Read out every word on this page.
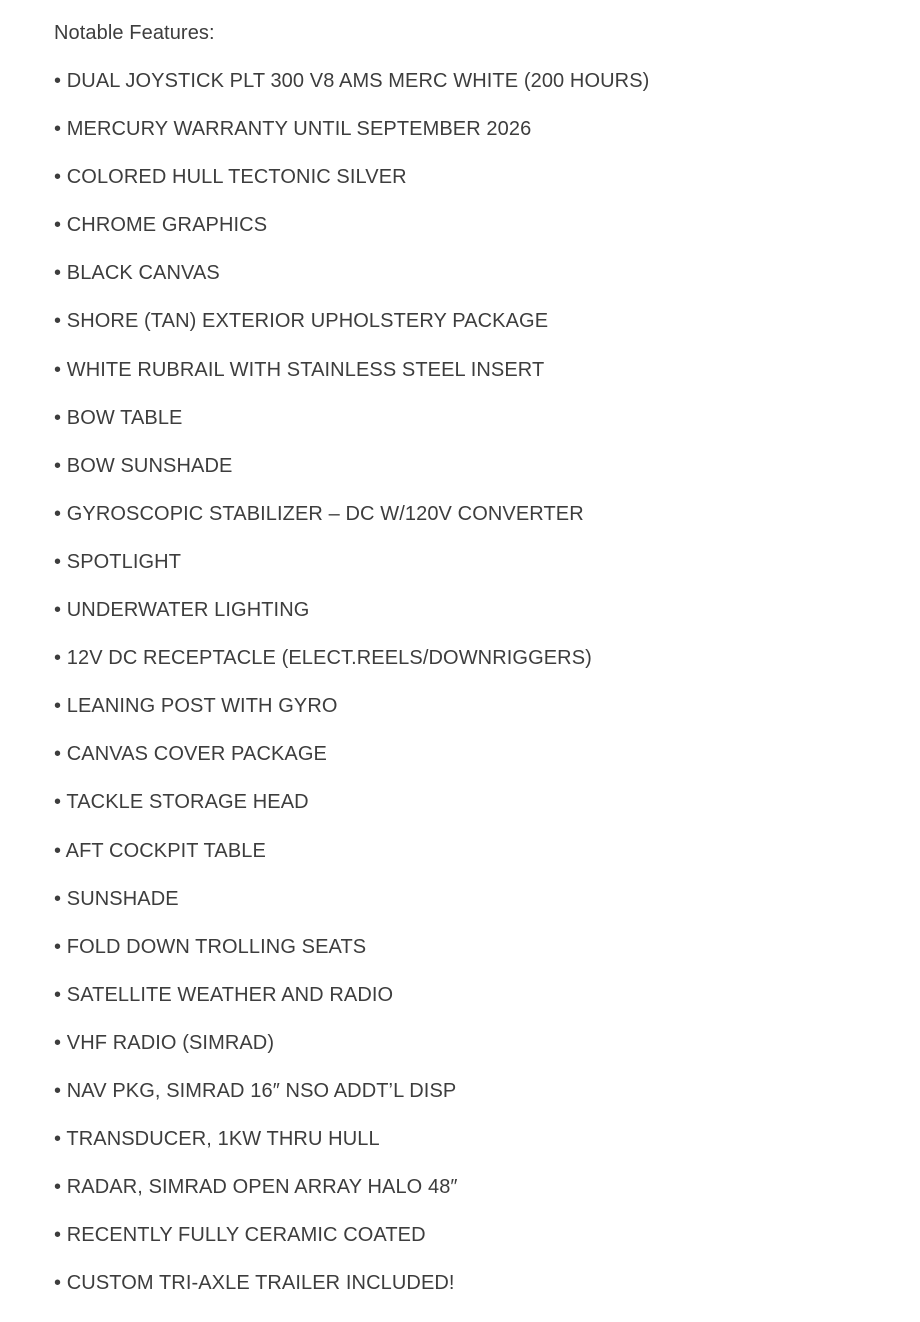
Notable Features:

• DUAL JOYSTICK PLT 300 V8 AMS MERC WHITE (200 HOURS)
• MERCURY WARRANTY UNTIL SEPTEMBER 2026
• COLORED HULL TECTONIC SILVER
• CHROME GRAPHICS
• BLACK CANVAS
• SHORE (TAN) EXTERIOR UPHOLSTERY PACKAGE
• WHITE RUBRAIL WITH STAINLESS STEEL INSERT
• BOW TABLE
• BOW SUNSHADE
• GYROSCOPIC STABILIZER – DC W/120V CONVERTER
• SPOTLIGHT
• UNDERWATER LIGHTING
• 12V DC RECEPTACLE (ELECT.REELS/DOWNRIGGERS)
• LEANING POST WITH GYRO
• CANVAS COVER PACKAGE
• TACKLE STORAGE HEAD
• AFT COCKPIT TABLE
• SUNSHADE
• FOLD DOWN TROLLING SEATS
• SATELLITE WEATHER AND RADIO
• VHF RADIO (SIMRAD)
• NAV PKG, SIMRAD 16″ NSO ADDT’L DISP
• TRANSDUCER, 1KW THRU HULL
• RADAR, SIMRAD OPEN ARRAY HALO 48″
• RECENTLY FULLY CERAMIC COATED
• CUSTOM TRI-AXLE TRAILER INCLUDED!
